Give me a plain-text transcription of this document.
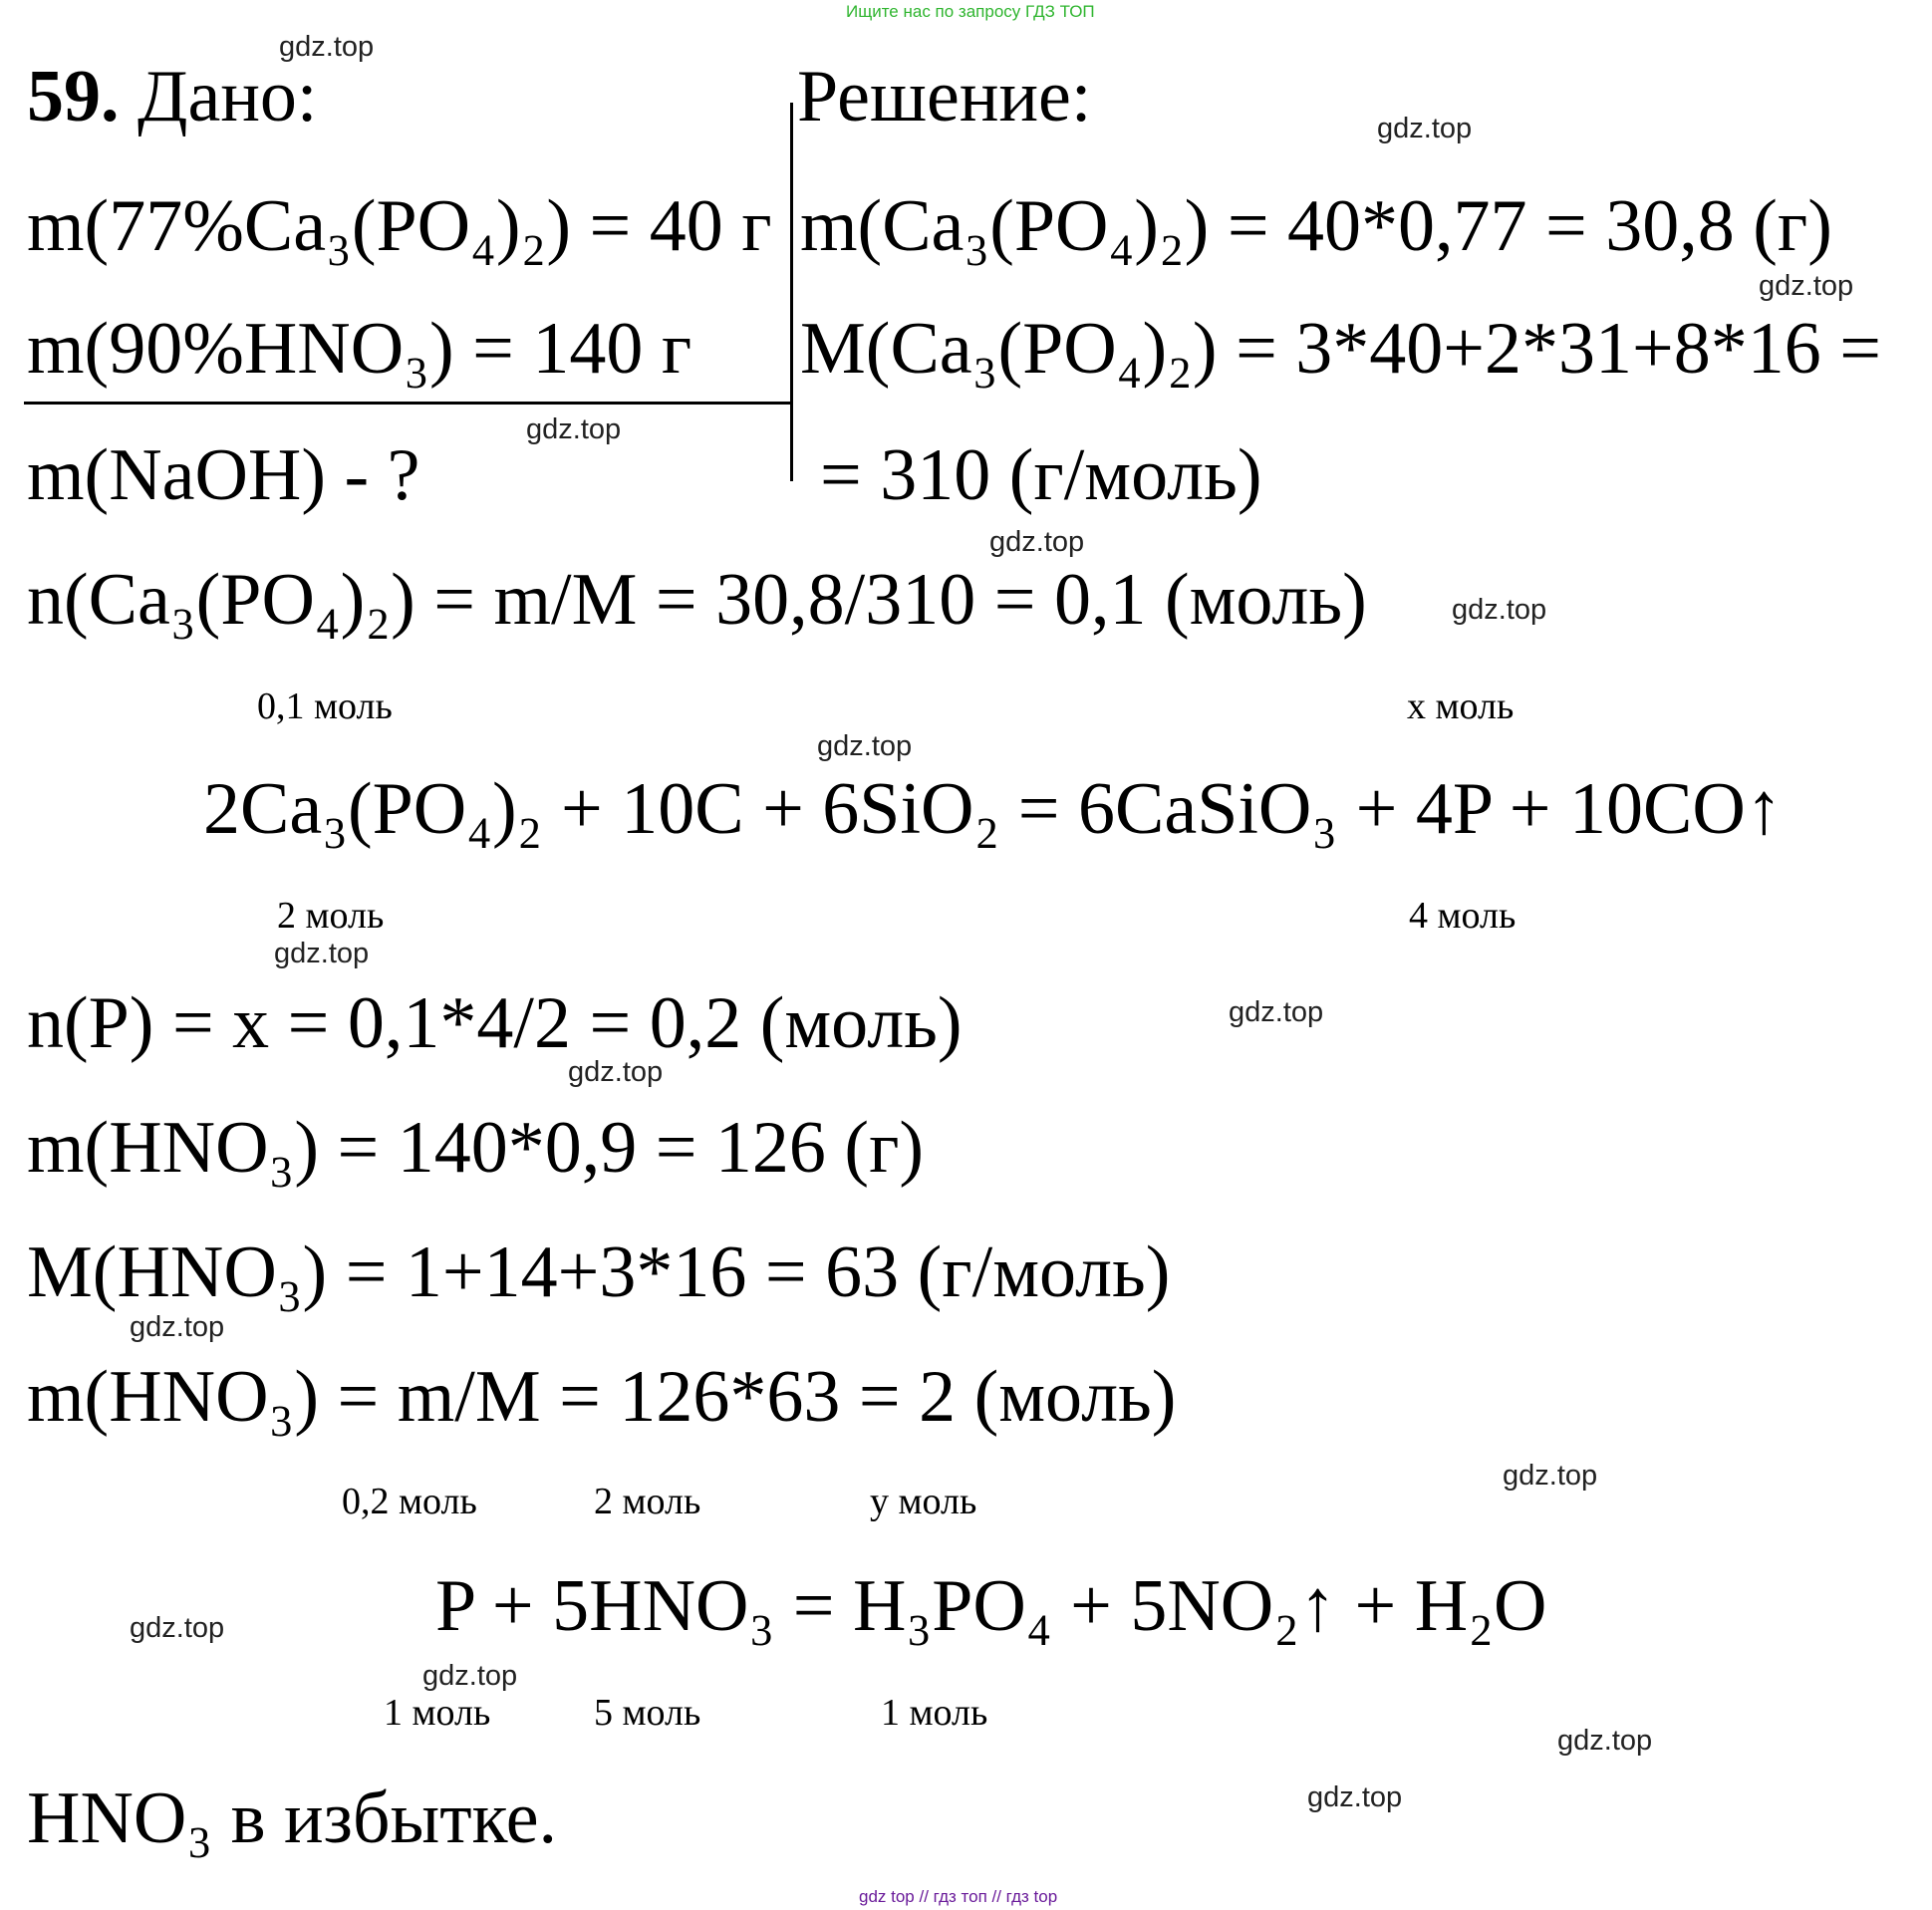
Ищите нас по запросу ГДЗ ТОП
gdz top // гдз топ // гдз top
59. Дано:	Решение:
m(77%Ca₃(PO₄)₂) = 40 г
m(90%HNO₃) = 140 г
m(NaOH) - ?
m(Ca₃(PO₄)₂) = 40*0,77 = 30,8 (г)
M(Ca₃(PO₄)₂) = 3*40+2*31+8*16 =
= 310 (г/моль)
n(Ca₃(PO₄)₂) = m/M = 30,8/310 = 0,1 (моль)
0,1 моль	x моль
2Ca₃(PO₄)₂ + 10C + 6SiO₂ = 6CaSiO₃ + 4P + 10CO↑
2 моль	4 моль
n(P) = x = 0,1*4/2 = 0,2 (моль)
m(HNO₃) = 140*0,9 = 126 (г)
M(HNO₃) = 1+14+3*16 = 63 (г/моль)
m(HNO₃) = m/M = 126*63 = 2 (моль)
0,2 моль	2 моль	y моль
P + 5HNO₃ = H₃PO₄ + 5NO₂↑ + H₂O
1 моль	5 моль	1 моль
HNO₃ в избытке.
gdz.top
gdz.top
gdz.top
gdz.top
gdz.top
gdz.top
gdz.top
gdz.top
gdz.top
gdz.top
gdz.top
gdz.top
gdz.top
gdz.top
gdz.top
gdz.top
